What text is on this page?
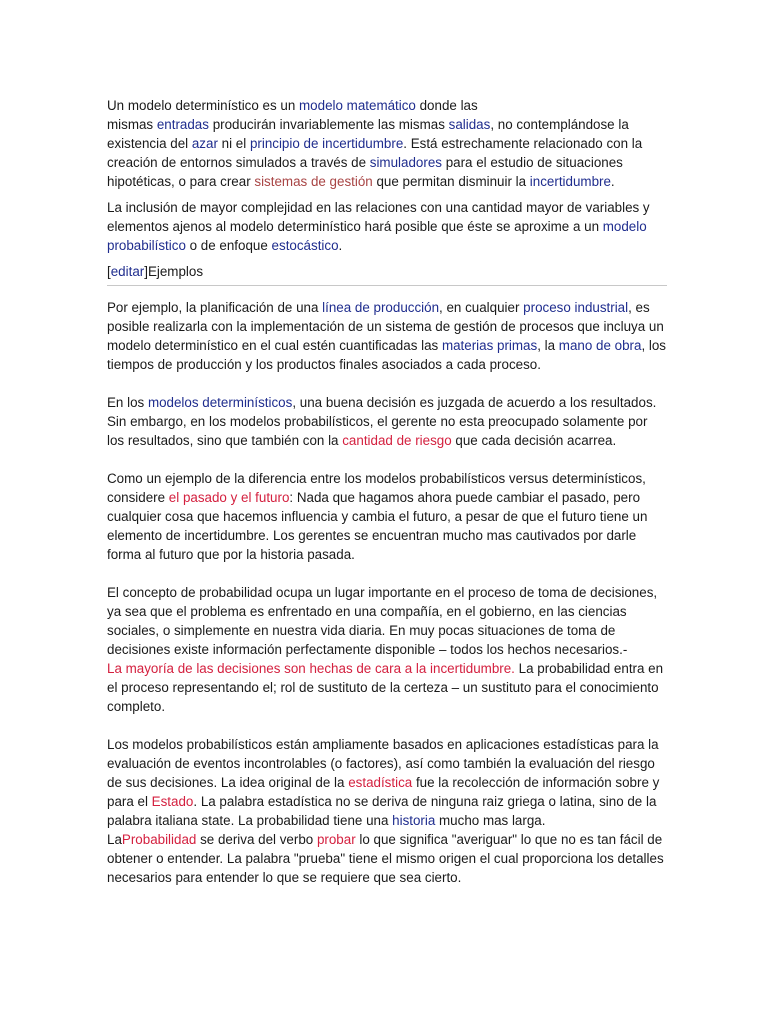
Un modelo determinístico es un modelo matemático donde las
mismas entradas producirán invariablemente las mismas salidas, no contemplándose la existencia del azar ni el principio de incertidumbre. Está estrechamente relacionado con la creación de entornos simulados a través de simuladores para el estudio de situaciones hipotéticas, o para crear sistemas de gestión que permitan disminuir la incertidumbre.

La inclusión de mayor complejidad en las relaciones con una cantidad mayor de variables y elementos ajenos al modelo determinístico hará posible que éste se aproxime a un modelo probabilístico o de enfoque estocástico.

[editar]Ejemplos

Por ejemplo, la planificación de una línea de producción, en cualquier proceso industrial, es posible realizarla con la implementación de un sistema de gestión de procesos que incluya un modelo determinístico en el cual estén cuantificadas las materias primas, la mano de obra, los tiempos de producción y los productos finales asociados a cada proceso.

En los modelos determinísticos, una buena decisión es juzgada de acuerdo a los resultados. Sin embargo, en los modelos probabilísticos, el gerente no esta preocupado solamente por los resultados, sino que también con la cantidad de riesgo que cada decisión acarrea.

Como un ejemplo de la diferencia entre los modelos probabilísticos versus determinísticos, considere el pasado y el futuro: Nada que hagamos ahora puede cambiar el pasado, pero cualquier cosa que hacemos influencia y cambia el futuro, a pesar de que el futuro tiene un elemento de incertidumbre. Los gerentes se encuentran mucho mas cautivados por darle forma al futuro que por la historia pasada.

El concepto de probabilidad ocupa un lugar importante en el proceso de toma de decisiones, ya sea que el problema es enfrentado en una compañía, en el gobierno, en las ciencias sociales, o simplemente en nuestra vida diaria. En muy pocas situaciones de toma de decisiones existe información perfectamente disponible – todos los hechos necesarios.-
La mayoría de las decisiones son hechas de cara a la incertidumbre. La probabilidad entra en el proceso representando el; rol de sustituto de la certeza – un sustituto para el conocimiento completo.

Los modelos probabilísticos están ampliamente basados en aplicaciones estadísticas para la evaluación de eventos incontrolables (o factores), así como también la evaluación del riesgo de sus decisiones. La idea original de la estadística fue la recolección de información sobre y para el Estado. La palabra estadística no se deriva de ninguna raiz griega o latina, sino de la palabra italiana state. La probabilidad tiene una historia mucho mas larga.
LaProbabilidad se deriva del verbo probar lo que significa "averiguar" lo que no es tan fácil de obtener o entender. La palabra "prueba" tiene el mismo origen el cual proporciona los detalles necesarios para entender lo que se requiere que sea cierto.
